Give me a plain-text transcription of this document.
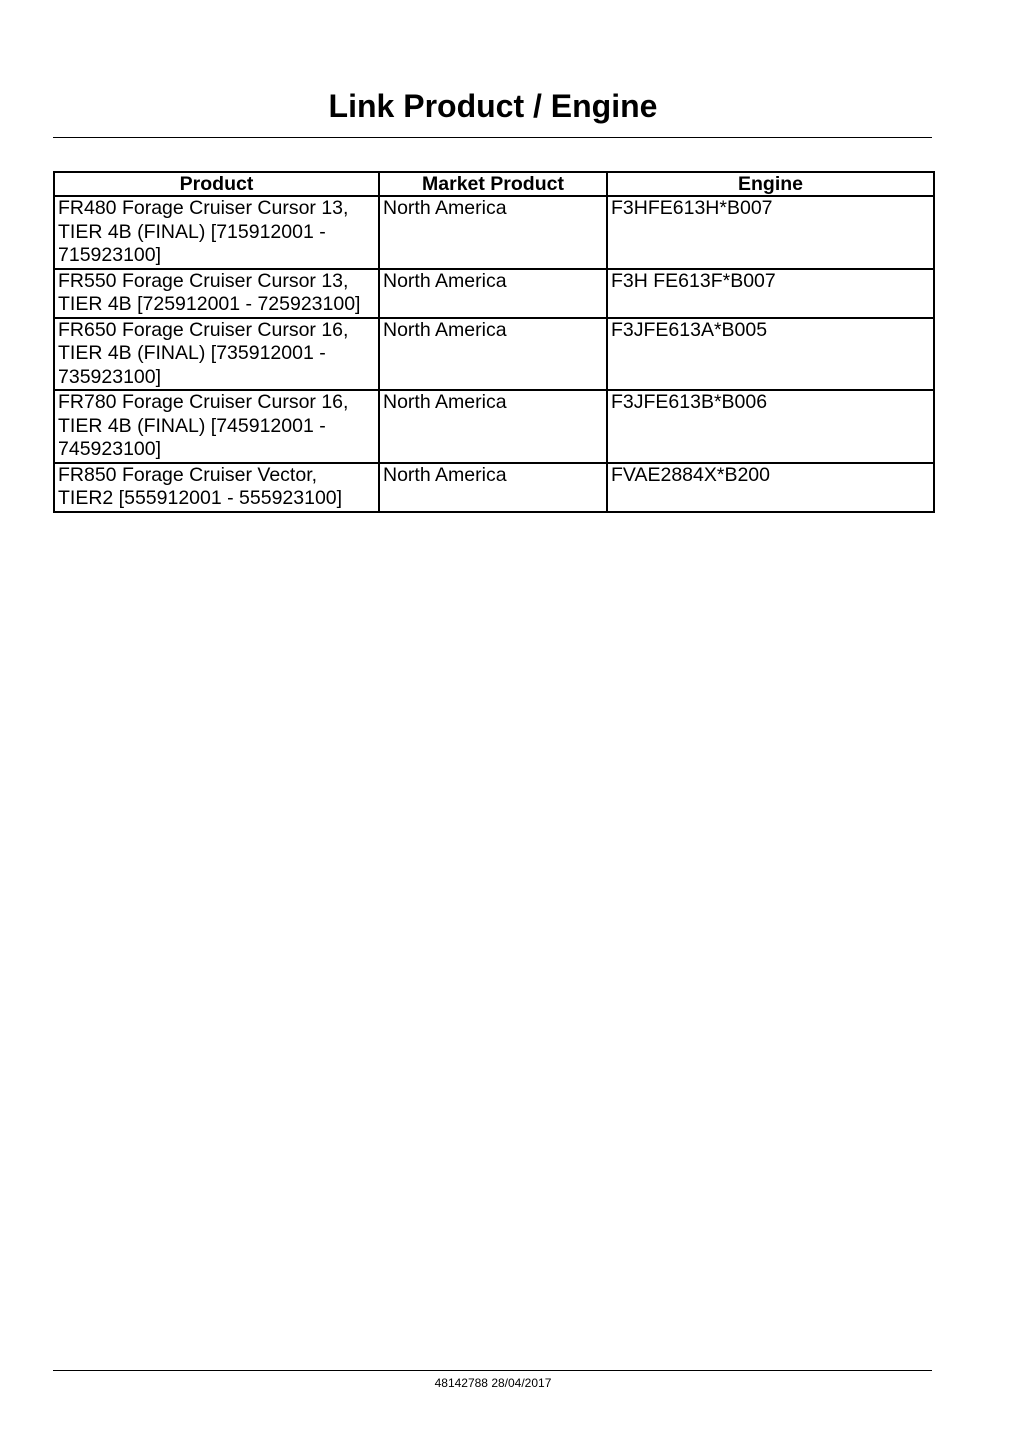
Link Product / Engine
Product	Market Product	Engine
FR480 Forage Cruiser Cursor 13, TIER 4B (FINAL) [715912001 - 715923100]	North America	F3HFE613H*B007
FR550 Forage Cruiser Cursor 13, TIER 4B [725912001 - 725923100]	North America	F3H FE613F*B007
FR650 Forage Cruiser Cursor 16, TIER 4B (FINAL) [735912001 - 735923100]	North America	F3JFE613A*B005
FR780 Forage Cruiser Cursor 16, TIER 4B (FINAL) [745912001 - 745923100]	North America	F3JFE613B*B006
FR850 Forage Cruiser Vector, TIER2 [555912001 - 555923100]	North America	FVAE2884X*B200
48142788 28/04/2017
